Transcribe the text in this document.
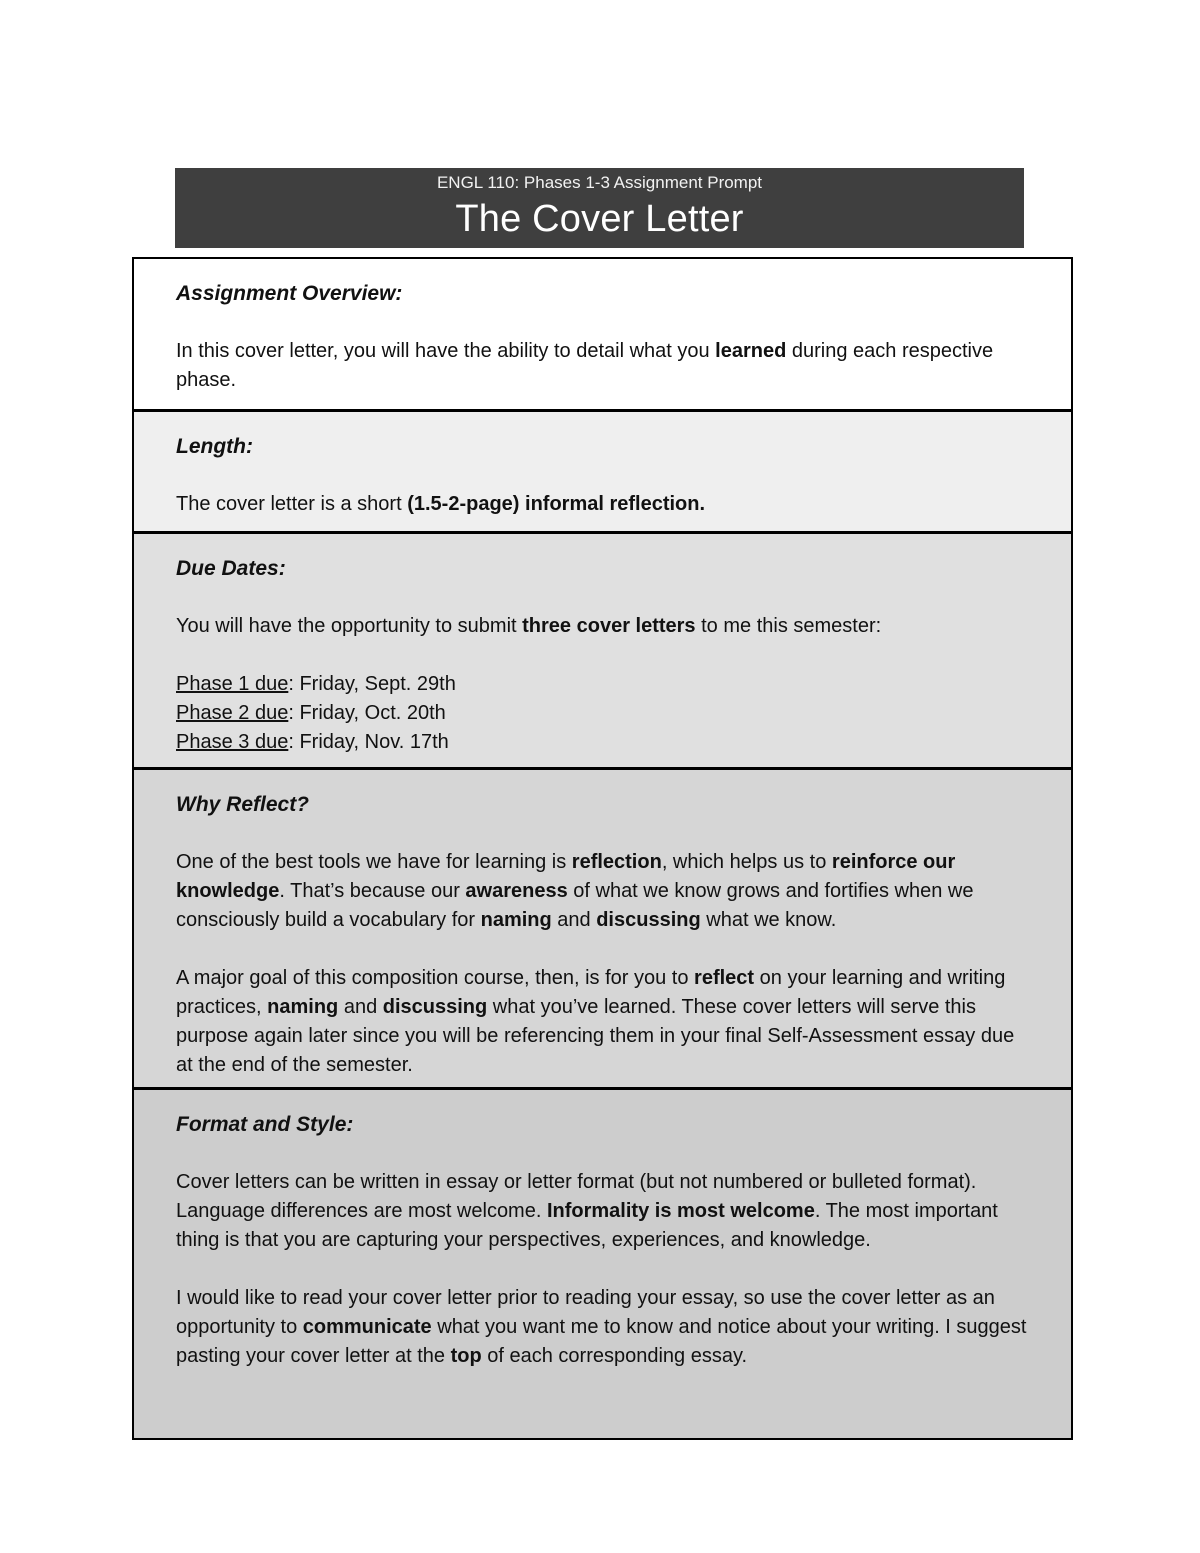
ENGL 110: Phases 1-3 Assignment Prompt
The Cover Letter
Assignment Overview:

In this cover letter, you will have the ability to detail what you learned during each respective phase.

Length:

The cover letter is a short (1.5-2-page) informal reflection.

Due Dates:

You will have the opportunity to submit three cover letters to me this semester:

Phase 1 due: Friday, Sept. 29th
Phase 2 due: Friday, Oct. 20th
Phase 3 due: Friday, Nov. 17th

Why Reflect?

One of the best tools we have for learning is reflection, which helps us to reinforce our knowledge. That’s because our awareness of what we know grows and fortifies when we consciously build a vocabulary for naming and discussing what we know.

A major goal of this composition course, then, is for you to reflect on your learning and writing practices, naming and discussing what you’ve learned. These cover letters will serve this purpose again later since you will be referencing them in your final Self-Assessment essay due at the end of the semester.

Format and Style:

Cover letters can be written in essay or letter format (but not numbered or bulleted format). Language differences are most welcome. Informality is most welcome. The most important thing is that you are capturing your perspectives, experiences, and knowledge.

I would like to read your cover letter prior to reading your essay, so use the cover letter as an opportunity to communicate what you want me to know and notice about your writing. I suggest pasting your cover letter at the top of each corresponding essay.
